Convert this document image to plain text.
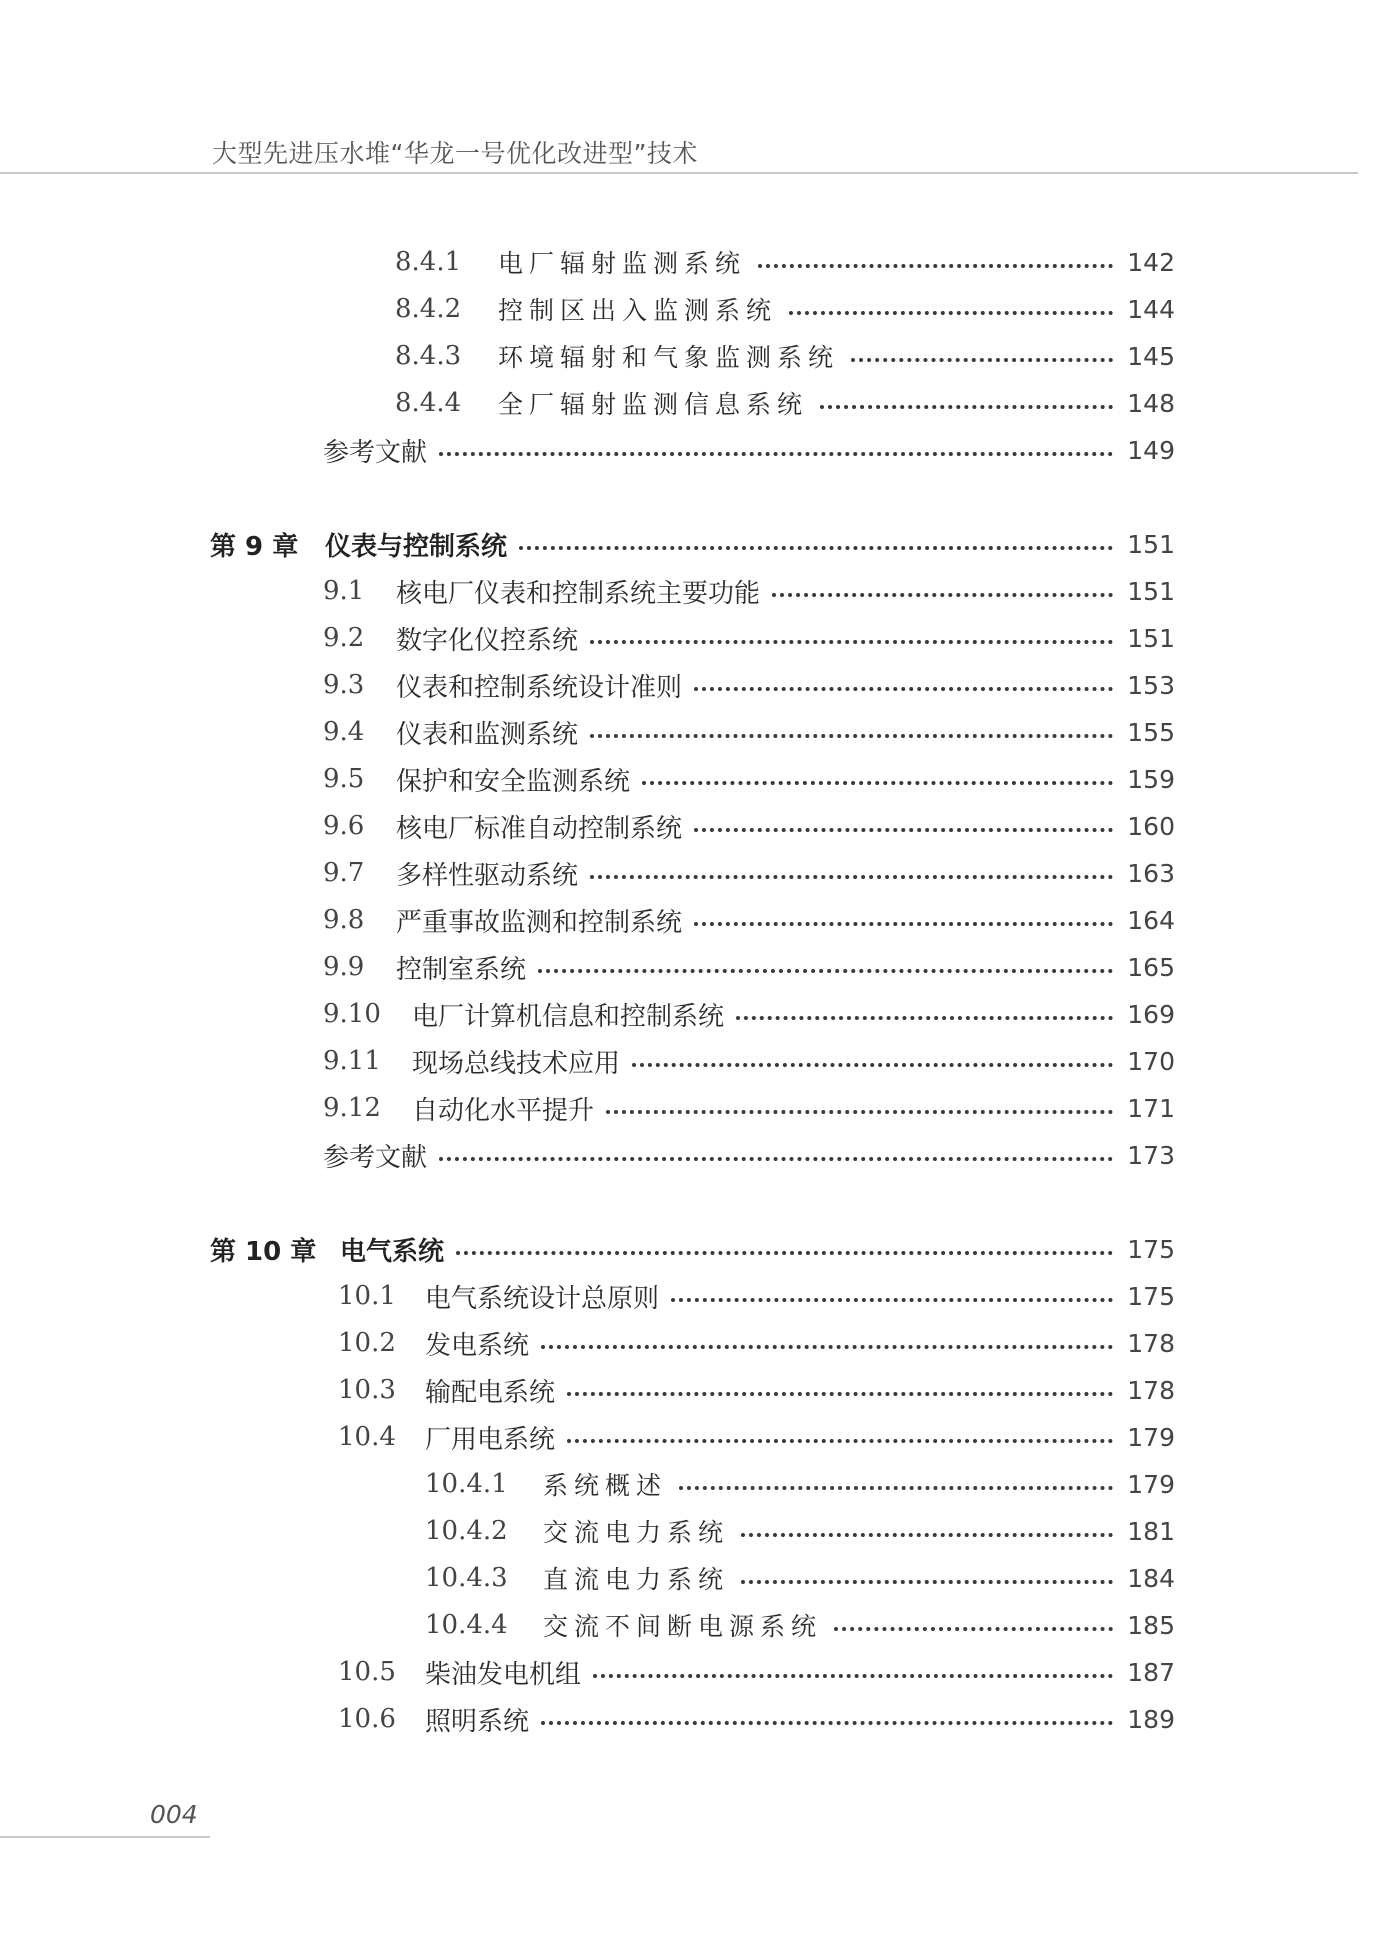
大型先进压水堆“华龙一号优化改进型”技术
8.4.1	电厂辐射监测系统	142
8.4.2	控制区出入监测系统	144
8.4.3	环境辐射和气象监测系统	145
8.4.4	全厂辐射监测信息系统	148
参考文献	149
第 9 章	仪表与控制系统	151
9.1	核电厂仪表和控制系统主要功能	151
9.2	数字化仪控系统	151
9.3	仪表和控制系统设计准则	153
9.4	仪表和监测系统	155
9.5	保护和安全监测系统	159
9.6	核电厂标准自动控制系统	160
9.7	多样性驱动系统	163
9.8	严重事故监测和控制系统	164
9.9	控制室系统	165
9.10	电厂计算机信息和控制系统	169
9.11	现场总线技术应用	170
9.12	自动化水平提升	171
参考文献	173
第 10 章 电气系统	175
10.1	电气系统设计总原则	175
10.2	发电系统	178
10.3	输配电系统	178
10.4	厂用电系统	179
10.4.1	系统概述	179
10.4.2	交流电力系统	181
10.4.3	直流电力系统	184
10.4.4	交流不间断电源系统	185
10.5	柴油发电机组	187
10.6	照明系统	189
004
